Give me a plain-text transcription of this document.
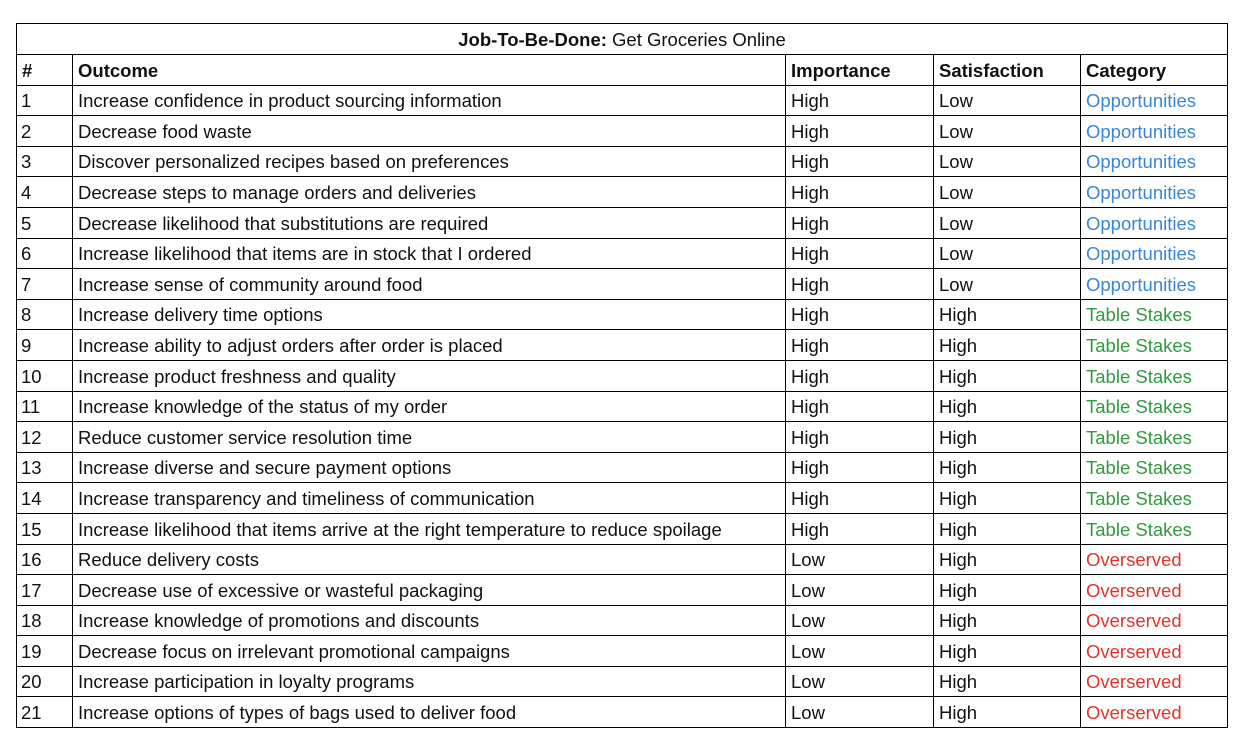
Job-To-Be-Done: Get Groceries Online				
#	Outcome	Importance	Satisfaction	Category
1	Increase confidence in product sourcing information	High	Low	Opportunities
2	Decrease food waste	High	Low	Opportunities
3	Discover personalized recipes based on preferences	High	Low	Opportunities
4	Decrease steps to manage orders and deliveries	High	Low	Opportunities
5	Decrease likelihood that substitutions are required	High	Low	Opportunities
6	Increase likelihood that items are in stock that I ordered	High	Low	Opportunities
7	Increase sense of community around food	High	Low	Opportunities
8	Increase delivery time options	High	High	Table Stakes
9	Increase ability to adjust orders after order is placed	High	High	Table Stakes
10	Increase product freshness and quality	High	High	Table Stakes
11	Increase knowledge of the status of my order	High	High	Table Stakes
12	Reduce customer service resolution time	High	High	Table Stakes
13	Increase diverse and secure payment options	High	High	Table Stakes
14	Increase transparency and timeliness of communication	High	High	Table Stakes
15	Increase likelihood that items arrive at the right temperature to reduce spoilage	High	High	Table Stakes
16	Reduce delivery costs	Low	High	Overserved
17	Decrease use of excessive or wasteful packaging	Low	High	Overserved
18	Increase knowledge of promotions and discounts	Low	High	Overserved
19	Decrease focus on irrelevant promotional campaigns	Low	High	Overserved
20	Increase participation in loyalty programs	Low	High	Overserved
21	Increase options of types of bags used to deliver food	Low	High	Overserved
